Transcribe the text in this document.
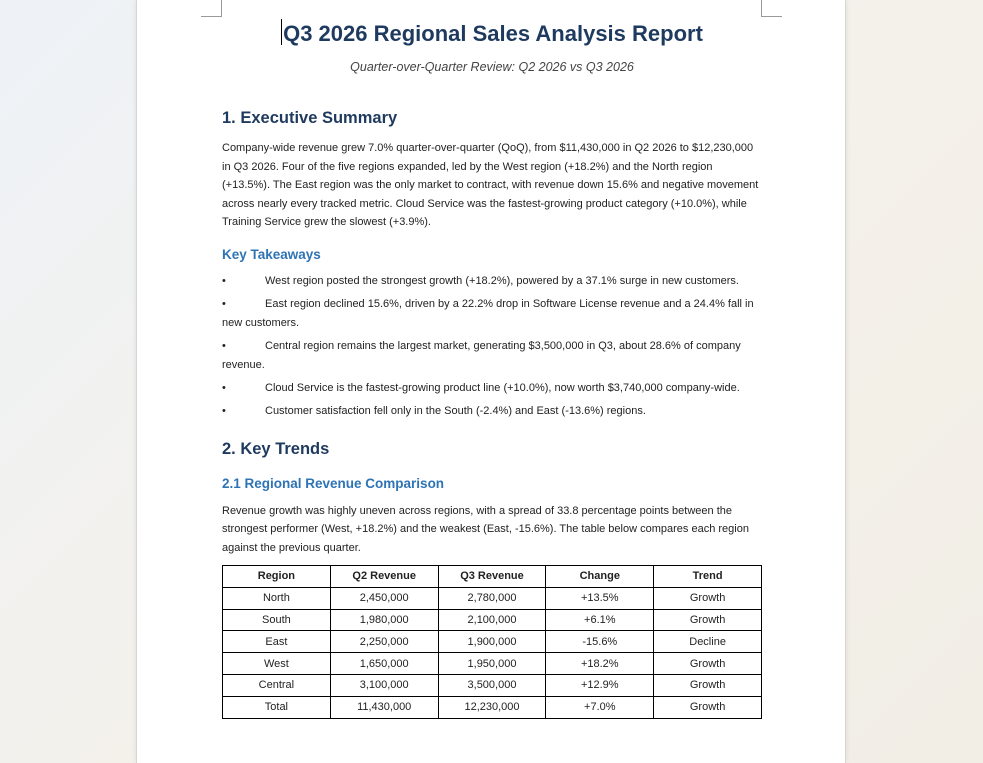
Q3 2026 Regional Sales Analysis Report

Quarter-over-Quarter Review: Q2 2026 vs Q3 2026

1. Executive Summary

Company-wide revenue grew 7.0% quarter-over-quarter (QoQ), from $11,430,000 in Q2 2026 to $12,230,000 in Q3 2026. Four of the five regions expanded, led by the West region (+18.2%) and the North region (+13.5%). The East region was the only market to contract, with revenue down 15.6% and negative movement across nearly every tracked metric. Cloud Service was the fastest-growing product category (+10.0%), while Training Service grew the slowest (+3.9%).

Key Takeaways
•	West region posted the strongest growth (+18.2%), powered by a 37.1% surge in new customers.
•	East region declined 15.6%, driven by a 22.2% drop in Software License revenue and a 24.4% fall in new customers.
•	Central region remains the largest market, generating $3,500,000 in Q3, about 28.6% of company revenue.
•	Cloud Service is the fastest-growing product line (+10.0%), now worth $3,740,000 company-wide.
•	Customer satisfaction fell only in the South (-2.4%) and East (-13.6%) regions.
2. Key Trends
2.1 Regional Revenue Comparison

Revenue growth was highly uneven across regions, with a spread of 33.8 percentage points between the strongest performer (West, +18.2%) and the weakest (East, -15.6%). The table below compares each region against the previous quarter.

Region	Q2 Revenue	Q3 Revenue	Change	Trend
North	2,450,000	2,780,000	+13.5%	Growth
South	1,980,000	2,100,000	+6.1%	Growth
East	2,250,000	1,900,000	-15.6%	Decline
West	1,650,000	1,950,000	+18.2%	Growth
Central	3,100,000	3,500,000	+12.9%	Growth
Total	11,430,000	12,230,000	+7.0%	Growth
